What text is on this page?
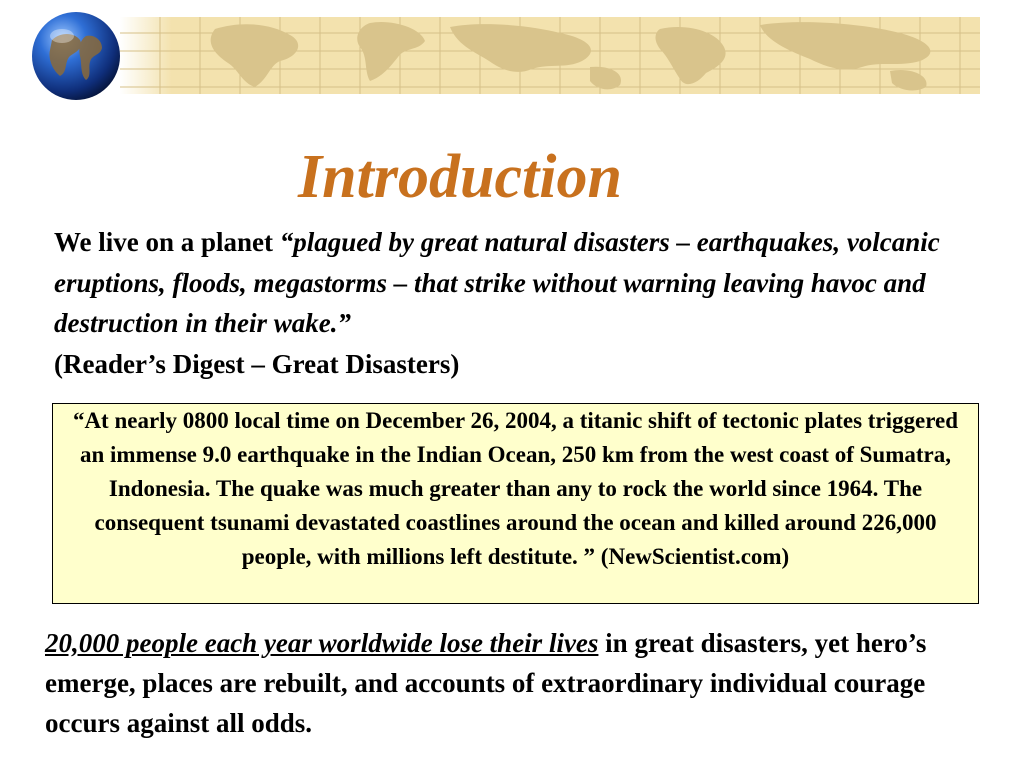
Introduction
We live on a planet “plagued by great natural disasters – earthquakes, volcanic eruptions, floods, megastorms – that strike without warning leaving havoc and destruction in their wake.”
(Reader’s Digest – Great Disasters)

“At nearly 0800 local time on December 26, 2004, a titanic shift of tectonic plates triggered an immense 9.0 earthquake in the Indian Ocean, 250 km from the west coast of Sumatra, Indonesia. The quake was much greater than any to rock the world since 1964. The consequent tsunami devastated coastlines around the ocean and killed around 226,000 people, with millions left destitute. ” (NewScientist.com)

20,000 people each year worldwide lose their lives in great disasters, yet hero’s emerge, places are rebuilt, and accounts of extraordinary individual courage occurs against all odds.
